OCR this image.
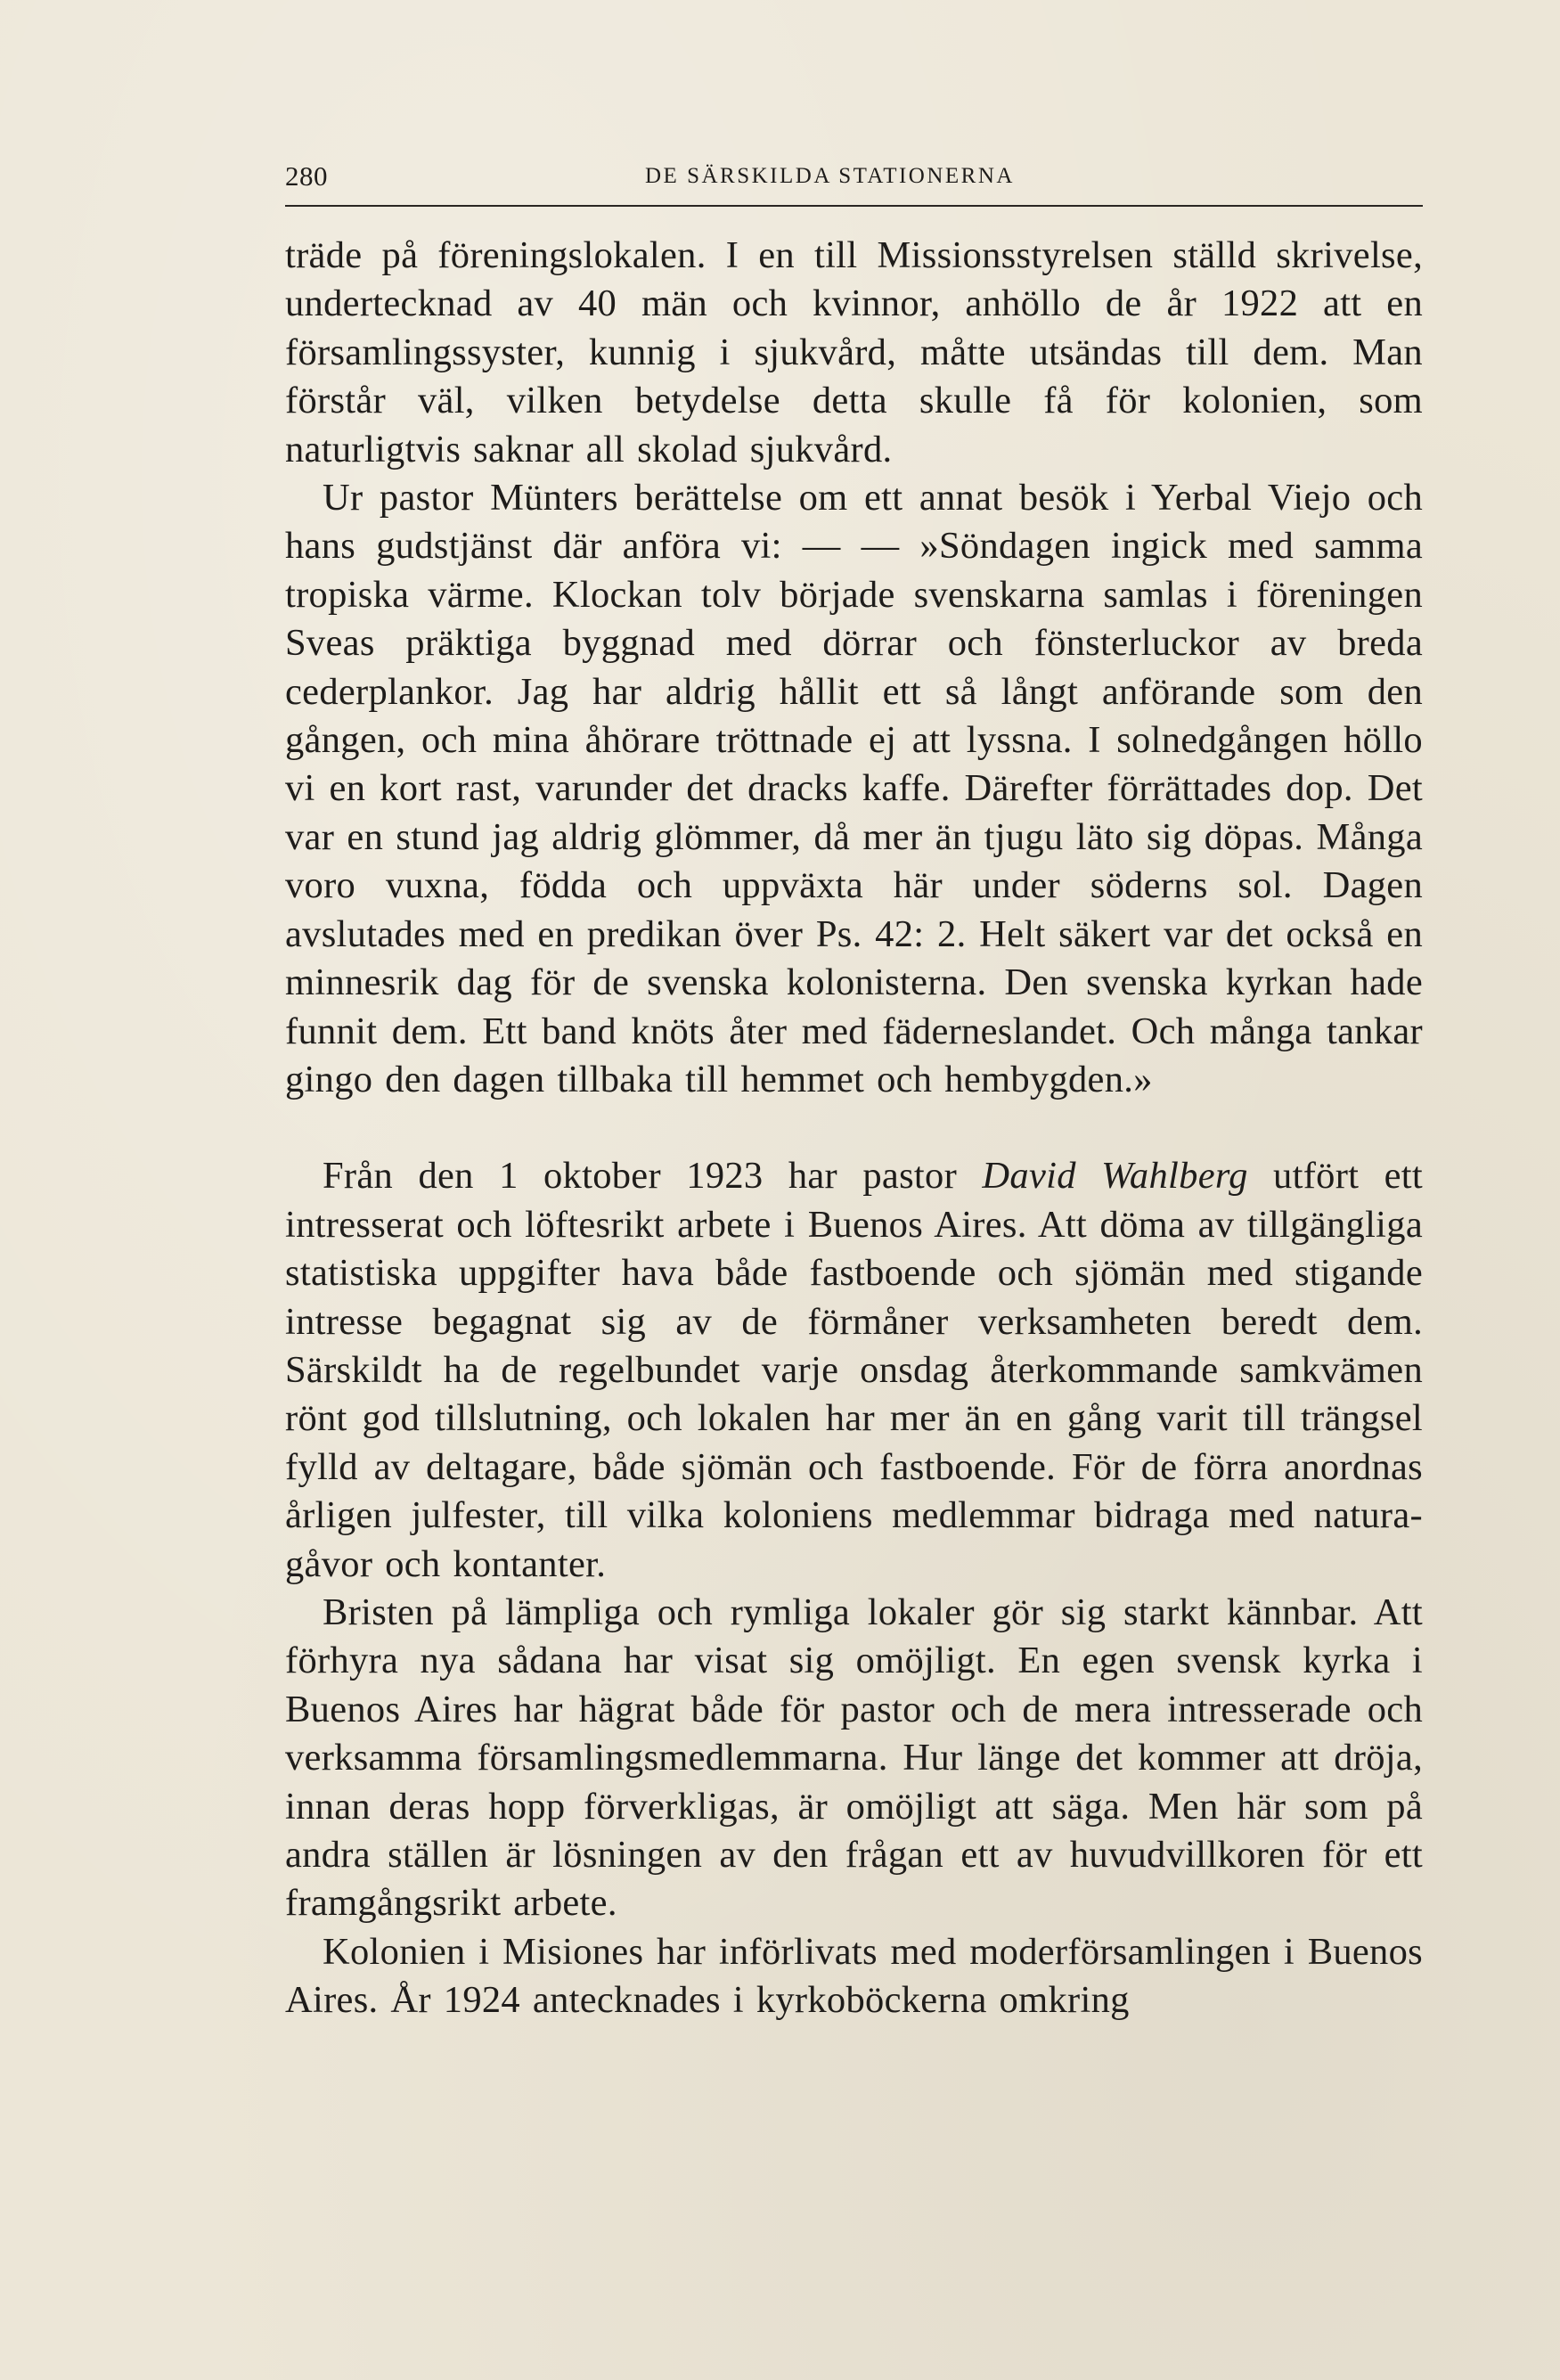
280	DE SÄRSKILDA STATIONERNA

träde på föreningslokalen. I en till Missionsstyrelsen ställd skrivelse, undertecknad av 40 män och kvinnor, anhöllo de år 1922 att en församlingssyster, kunnig i sjukvård, måtte utsändas till dem. Man förstår väl, vilken betydelse detta skulle få för kolonien, som naturligtvis saknar all skolad sjukvård.

Ur pastor Münters berättelse om ett annat besök i Yerbal Viejo och hans gudstjänst där anföra vi: — — »Söndagen ingick med samma tropiska värme. Klockan tolv började svenskarna samlas i föreningen Sveas präktiga byggnad med dörrar och fönsterluckor av breda cederplankor. Jag har aldrig hållit ett så långt anförande som den gången, och mina åhörare tröttnade ej att lyssna. I solnedgången höllo vi en kort rast, varunder det dracks kaffe. Därefter förrättades dop. Det var en stund jag aldrig glömmer, då mer än tjugu läto sig döpas. Många voro vuxna, födda och uppväxta här under söderns sol. Dagen avslutades med en predikan över Ps. 42: 2. Helt säkert var det också en minnesrik dag för de svenska kolonisterna. Den svenska kyrkan hade funnit dem. Ett band knöts åter med fäderneslandet. Och många tankar gingo den dagen tillbaka till hemmet och hembygden.»

Från den 1 oktober 1923 har pastor David Wahlberg utfört ett intresserat och löftesrikt arbete i Buenos Aires. Att döma av tillgängliga statistiska uppgifter hava både fastboende och sjömän med stigande intresse begagnat sig av de förmåner verksamheten beredt dem. Särskildt ha de regelbundet varje onsdag återkommande samkvämen rönt god tillslutning, och lokalen har mer än en gång varit till trängsel fylld av deltagare, både sjömän och fastboende. För de förra anordnas årligen julfester, till vilka koloniens medlemmar bidraga med natura-gåvor och kontanter.

Bristen på lämpliga och rymliga lokaler gör sig starkt kännbar. Att förhyra nya sådana har visat sig omöjligt. En egen svensk kyrka i Buenos Aires har hägrat både för pastor och de mera intresserade och verksamma församlingsmedlemmarna. Hur länge det kommer att dröja, innan deras hopp förverkligas, är omöjligt att säga. Men här som på andra ställen är lösningen av den frågan ett av huvudvillkoren för ett framgångsrikt arbete.

Kolonien i Misiones har införlivats med moderförsamlingen i Buenos Aires. År 1924 antecknades i kyrkoböckerna omkring
